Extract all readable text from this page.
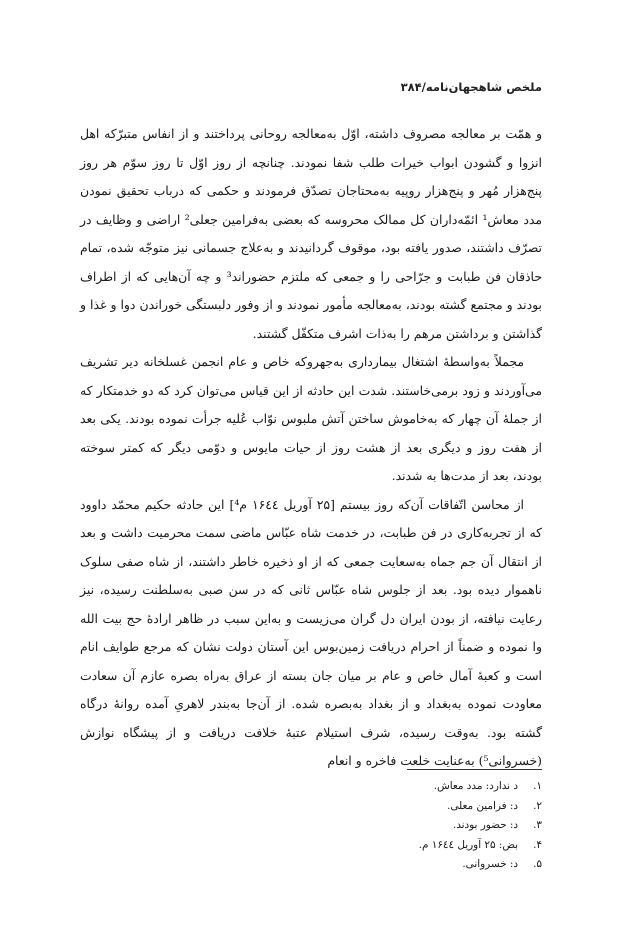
ملخص شاهجهان‌نامه/۳۸۴

و همّت بر معالجه مصروف داشته، اوّل به‌معالجه روحانی پرداختند و از انفاس متبرّکه اهل انزوا و گشودن ابواب خیرات طلب شفا نمودند. چنانچه از روز اوّل تا روز سوّم هر روز پنج‌هزار مُهر و پنج‌هزار روپیه به‌محتاجان تصدّق فرمودند و حکمی که درباب تحقیق نمودن مدد معاش¹ ائمّه‌داران کل ممالک محروسه که بعضی به‌فرامین جعلی² اراضی و وظایف در تصرّف داشتند، صدور یافته بود، موقوف گردانیدند و به‌علاج جسمانی نیز متوجّه شده، تمام حاذقان فن طبابت و جرّاحی را و جمعی که ملتزم حضوراند³ و چه آن‌هایی که از اطراف بودند و مجتمع گشته بودند، به‌معالجه مأمور نمودند و از وفور دلبستگی خوراندن دوا و غذا و گذاشتن و برداشتن مرهم را به‌ذات اشرف متکفّل گشتند.

مجملاً به‌واسطهٔ اشتغال بیمارداری به‌جهروکه خاص و عام انجمن غسلخانه دیر تشریف می‌آوردند و زود برمی‌خاستند. شدت این حادثه از این قیاس می‌توان کرد که دو خدمتکار که از جملهٔ آن چهار که به‌خاموش ساختن آتش ملبوس نوّاب عُلیه جرأت نموده بودند. یکی بعد از هفت روز و دیگری بعد از هشت روز از حیات مایوس و دوّمی دیگر که کمتر سوخته بودند، بعد از مدت‌ها به شدند.

از محاسن اتّفاقات آن‌که روز بیستم [۲۵ آوریل ۱۶٤٤ م⁴] این حادثه حکیم محمّد داوود که از تجربه‌کاری در فن طبابت، در خدمت شاه عبّاس ماضی سمت محرمیت داشت و بعد از انتقال آن جم جماه به‌سعایت جمعی که از او ذخیره خاطر داشتند، از شاه صفی سلوک ناهموار دیده بود. بعد از جلوس شاه عبّاس ثانی که در سن صبی به‌سلطنت رسیده، نیز رعایت نیافته، از بودن ایران دل گران می‌زیست و به‌این سبب در ظاهر ارادهٔ حج بیت الله وا نموده و ضمناً از احرام دریافت زمین‌بوس این آستان دولت نشان که مرجع طوایف انام است و کعبهٔ آمال خاص و عام بر میان جان بسته از عراق به‌راه بصره عازم آن سعادت معاودت نموده به‌بغداد و از بغداد به‌بصره شده. از آن‌جا به‌بندر لاهریِ آمده روانهٔ درگاه گشته بود. به‌وقت رسیده، شرف استیلام عتبهٔ خلافت دریافت و از پیشگاه نوازش (خسروانی⁵) به‌عنایت خلعت فاخره و انعام

۱.
د ندارد: مدد معاش.
۲.
د: فرامین معلی.
۳.
د: حضور بودند.
۴.
بض: ۲۵ آوریل ۱۶٤٤ م.
۵.
د: خسروانی.
